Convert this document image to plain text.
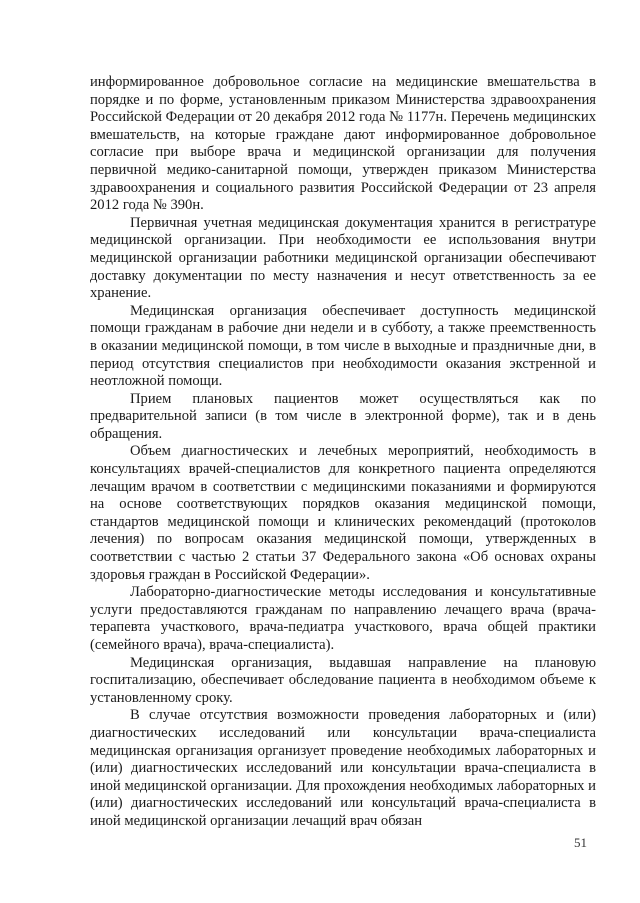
информированное добровольное согласие на медицинские вмешательства в порядке и по форме, установленным приказом Министерства здравоохранения Российской Федерации от 20 декабря 2012 года № 1177н. Перечень медицинских вмешательств, на которые граждане дают информированное добровольное согласие при выборе врача и медицинской организации для получения первичной медико-санитарной помощи, утвержден приказом Министерства здравоохранения и социального развития Российской Федерации от 23 апреля 2012 года № 390н.

Первичная учетная медицинская документация хранится в регистратуре медицинской организации. При необходимости ее использования внутри медицинской организации работники медицинской организации обеспечивают доставку документации по месту назначения и несут ответственность за ее хранение.

Медицинская организация обеспечивает доступность медицинской помощи гражданам в рабочие дни недели и в субботу, а также преемственность в оказании медицинской помощи, в том числе в выходные и праздничные дни, в период отсутствия специалистов при необходимости оказания экстренной и неотложной помощи.

Прием плановых пациентов может осуществляться как по предварительной записи (в том числе в электронной форме), так и в день обращения.

Объем диагностических и лечебных мероприятий, необходимость в консультациях врачей-специалистов для конкретного пациента определяются лечащим врачом в соответствии с медицинскими показаниями и формируются на основе соответствующих порядков оказания медицинской помощи, стандартов медицинской помощи и клинических рекомендаций (протоколов лечения) по вопросам оказания медицинской помощи, утвержденных в соответствии с частью 2 статьи 37 Федерального закона «Об основах охраны здоровья граждан в Российской Федерации».

Лабораторно-диагностические методы исследования и консультативные услуги предоставляются гражданам по направлению лечащего врача (врача-терапевта участкового, врача-педиатра участкового, врача общей практики (семейного врача), врача-специалиста).

Медицинская организация, выдавшая направление на плановую госпитализацию, обеспечивает обследование пациента в необходимом объеме к установленному сроку.

В случае отсутствия возможности проведения лабораторных и (или) диагностических исследований или консультации врача-специалиста медицинская организация организует проведение необходимых лабораторных и (или) диагностических исследований или консультации врача-специалиста в иной медицинской организации. Для прохождения необходимых лабораторных и (или) диагностических исследований или консультаций врача-специалиста в иной медицинской организации лечащий врач обязан

51
